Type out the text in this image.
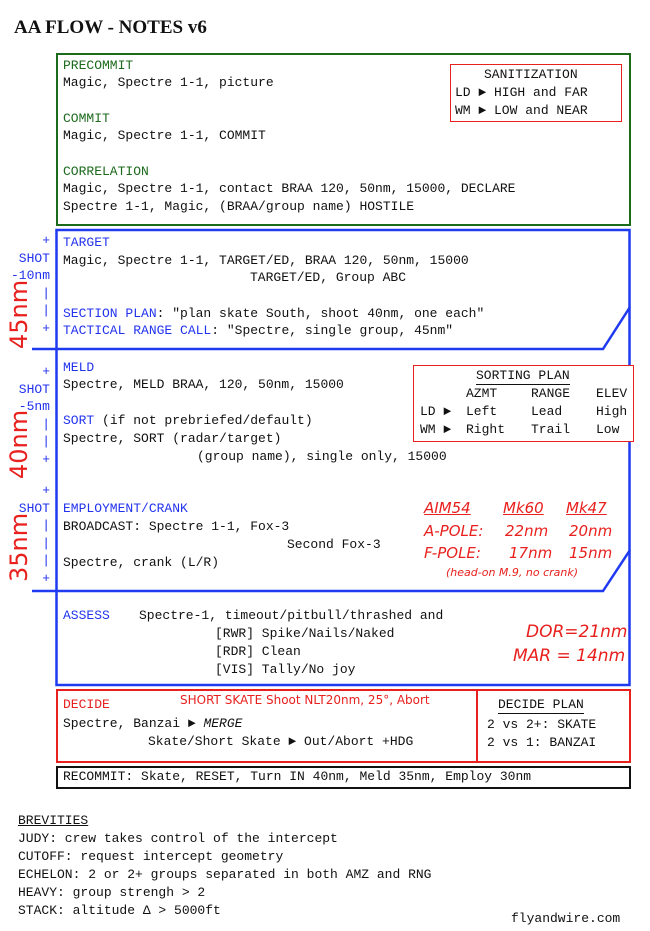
AA FLOW - NOTES v6
PRECOMMIT
Magic, Spectre 1-1, picture
COMMIT
Magic, Spectre 1-1, COMMIT
CORRELATION
Magic, Spectre 1-1, contact BRAA 120, 50nm, 15000, DECLARE
Spectre 1-1, Magic, (BRAA/group name) HOSTILE
SANITIZATION
LD ► HIGH and FAR
WM ► LOW and NEAR
TARGET
Magic, Spectre 1-1, TARGET/ED, BRAA 120, 50nm, 15000
TARGET/ED, Group ABC
SECTION PLAN: "plan skate South, shoot 40nm, one each"
TACTICAL RANGE CALL: "Spectre, single group, 45nm"
+
SHOT
-10nm
|
|
+
45nm
MELD
Spectre, MELD BRAA, 120, 50nm, 15000
SORT (if not prebriefed/default)
Spectre, SORT (radar/target)
(group name), single only, 15000
+
SHOT
-5nm
|
|
+
40nm
SORTING PLAN
AZMT	RANGE ELEV
LD ► Left	Lead	High
WM ► Right Trail Low
EMPLOYMENT/CRANK
BROADCAST: Spectre 1-1, Fox-3
Second Fox-3
Spectre, crank (L/R)
+
SHOT
|
|
|
+
35nm
AIM54 Mk60 Mk47
A-POLE: 22nm 20nm
F-POLE: 17nm 15nm
(head-on M.9, no crank)
ASSESS Spectre-1, timeout/pitbull/thrashed and
[RWR] Spike/Nails/Naked
[RDR] Clean
[VIS] Tally/No joy
DOR=21nm
MAR = 14nm
DECIDE	SHORT SKATE Shoot NLT20nm, 25°, Abort
Spectre, Banzai ► MERGE
Skate/Short Skate ► Out/Abort +HDG
DECIDE PLAN
2 vs 2+: SKATE
2 vs 1: BANZAI
RECOMMIT: Skate, RESET, Turn IN 40nm, Meld 35nm, Employ 30nm
BREVITIES
JUDY: crew takes control of the intercept
CUTOFF: request intercept geometry
ECHELON: 2 or 2+ groups separated in both AMZ and RNG
HEAVY: group strengh > 2
STACK: altitude Δ > 5000ft
flyandwire.com
